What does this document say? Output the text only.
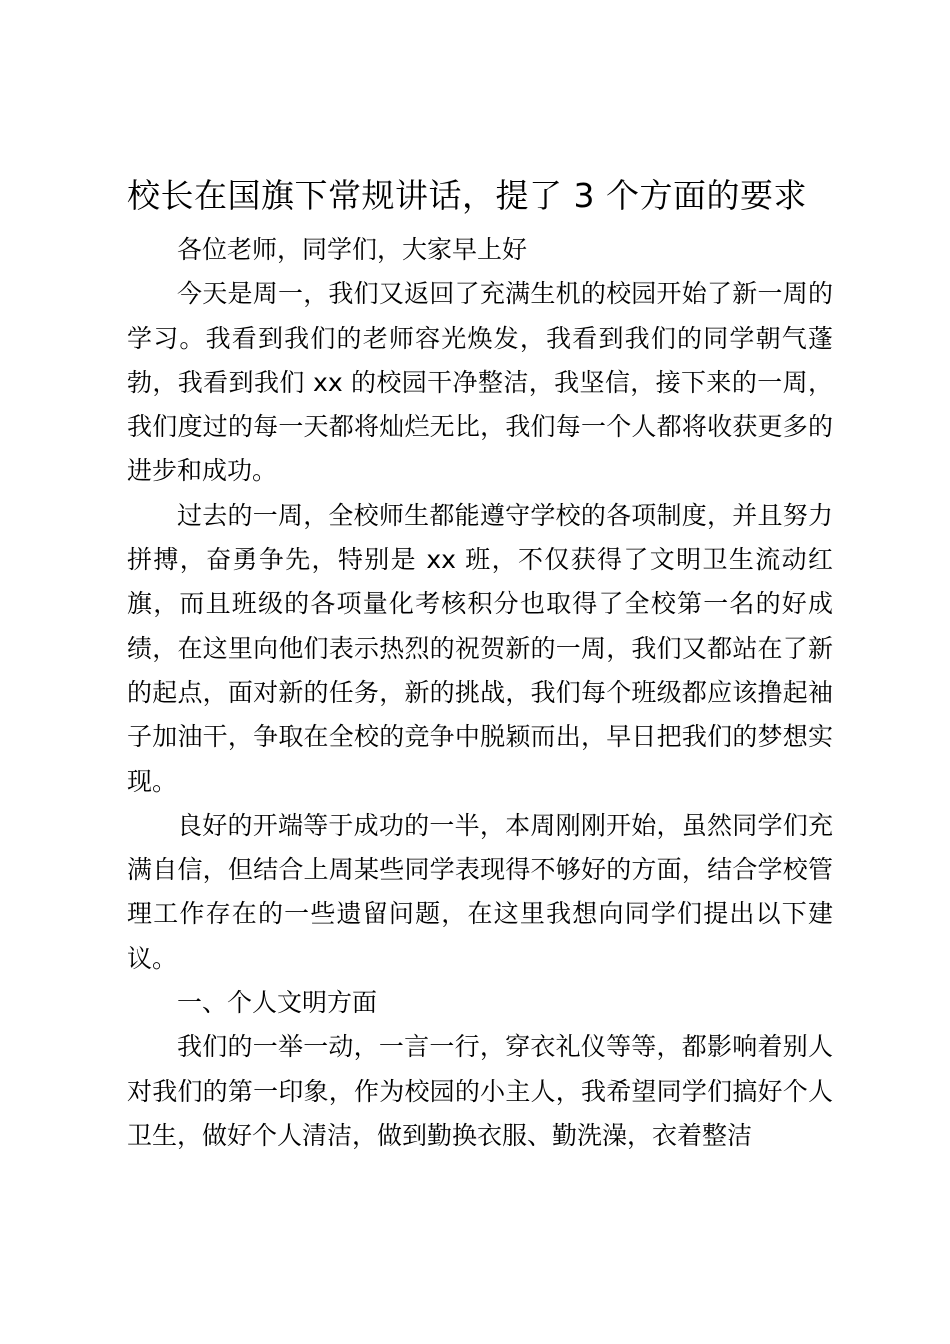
校长在国旗下常规讲话，提了 3 个方面的要求

各位老师，同学们，大家早上好

今天是周一，我们又返回了充满生机的校园开始了新一周的学习。我看到我们的老师容光焕发，我看到我们的同学朝气蓬勃，我看到我们 xx 的校园干净整洁，我坚信，接下来的一周，我们度过的每一天都将灿烂无比，我们每一个人都将收获更多的进步和成功。

过去的一周，全校师生都能遵守学校的各项制度，并且努力拼搏，奋勇争先，特别是 xx 班，不仅获得了文明卫生流动红旗，而且班级的各项量化考核积分也取得了全校第一名的好成绩，在这里向他们表示热烈的祝贺新的一周，我们又都站在了新的起点，面对新的任务，新的挑战，我们每个班级都应该撸起袖子加油干，争取在全校的竞争中脱颖而出，早日把我们的梦想实现。

良好的开端等于成功的一半，本周刚刚开始，虽然同学们充满自信，但结合上周某些同学表现得不够好的方面，结合学校管理工作存在的一些遗留问题，在这里我想向同学们提出以下建议。

一、个人文明方面

我们的一举一动，一言一行，穿衣礼仪等等，都影响着别人对我们的第一印象，作为校园的小主人，我希望同学们搞好个人卫生，做好个人清洁，做到勤换衣服、勤洗澡，衣着整洁
